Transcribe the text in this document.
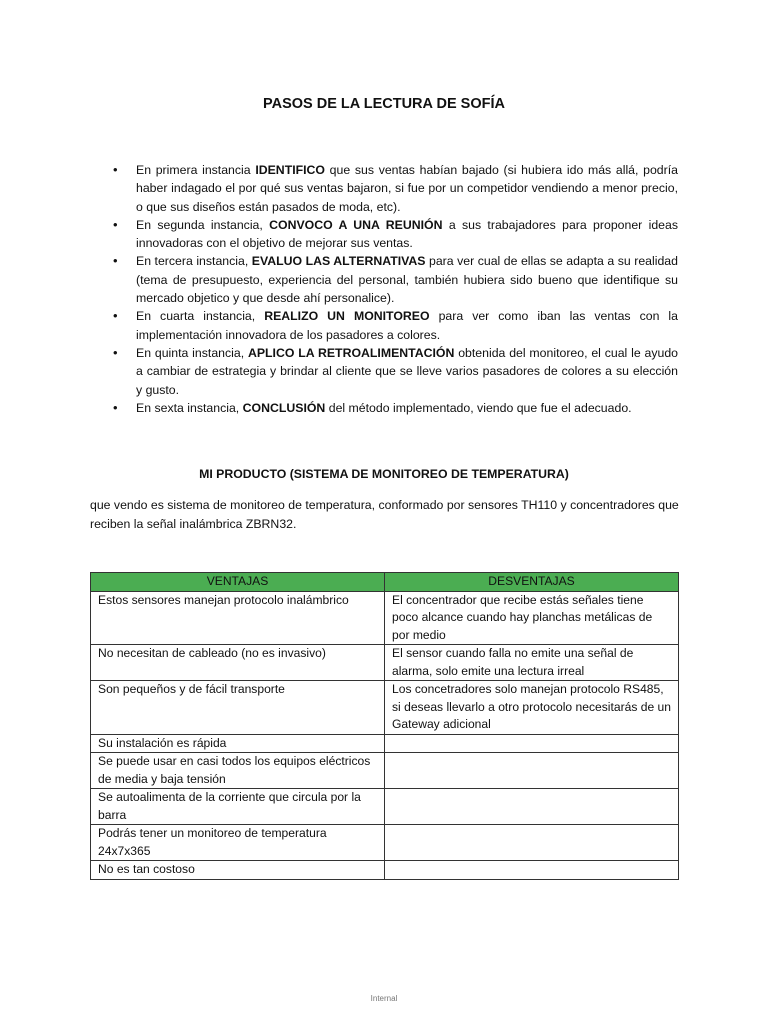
PASOS DE LA LECTURA DE SOFÍA
• En primera instancia IDENTIFICO que sus ventas habían bajado (si hubiera ido más allá, podría haber indagado el por qué sus ventas bajaron, si fue por un competidor vendiendo a menor precio, o que sus diseños están pasados de moda, etc).
• En segunda instancia, CONVOCO A UNA REUNIÓN a sus trabajadores para proponer ideas innovadoras con el objetivo de mejorar sus ventas.
• En tercera instancia, EVALUO LAS ALTERNATIVAS para ver cual de ellas se adapta a su realidad (tema de presupuesto, experiencia del personal, también hubiera sido bueno que identifique su mercado objetico y que desde ahí personalice).
• En cuarta instancia, REALIZO UN MONITOREO para ver como iban las ventas con la implementación innovadora de los pasadores a colores.
• En quinta instancia, APLICO LA RETROALIMENTACIÓN obtenida del monitoreo, el cual le ayudo a cambiar de estrategia y brindar al cliente que se lleve varios pasadores de colores a su elección y gusto.
• En sexta instancia, CONCLUSIÓN del método implementado, viendo que fue el adecuado.
MI PRODUCTO (SISTEMA DE MONITOREO DE TEMPERATURA)

que vendo es sistema de monitoreo de temperatura, conformado por sensores TH110 y concentradores que reciben la señal inalámbrica ZBRN32.

VENTAJAS	DESVENTAJAS
Estos sensores manejan protocolo inalámbrico	El concentrador que recibe estás señales tiene poco alcance cuando hay planchas metálicas de por medio
No necesitan de cableado (no es invasivo)	El sensor cuando falla no emite una señal de alarma, solo emite una lectura irreal
Son pequeños y de fácil transporte	Los concetradores solo manejan protocolo RS485, si deseas llevarlo a otro protocolo necesitarás de un Gateway adicional
Su instalación es rápida	
Se puede usar en casi todos los equipos eléctricos de media y baja tensión	
Se autoalimenta de la corriente que circula por la barra	
Podrás tener un monitoreo de temperatura 24x7x365	
No es tan costoso	
Internal
